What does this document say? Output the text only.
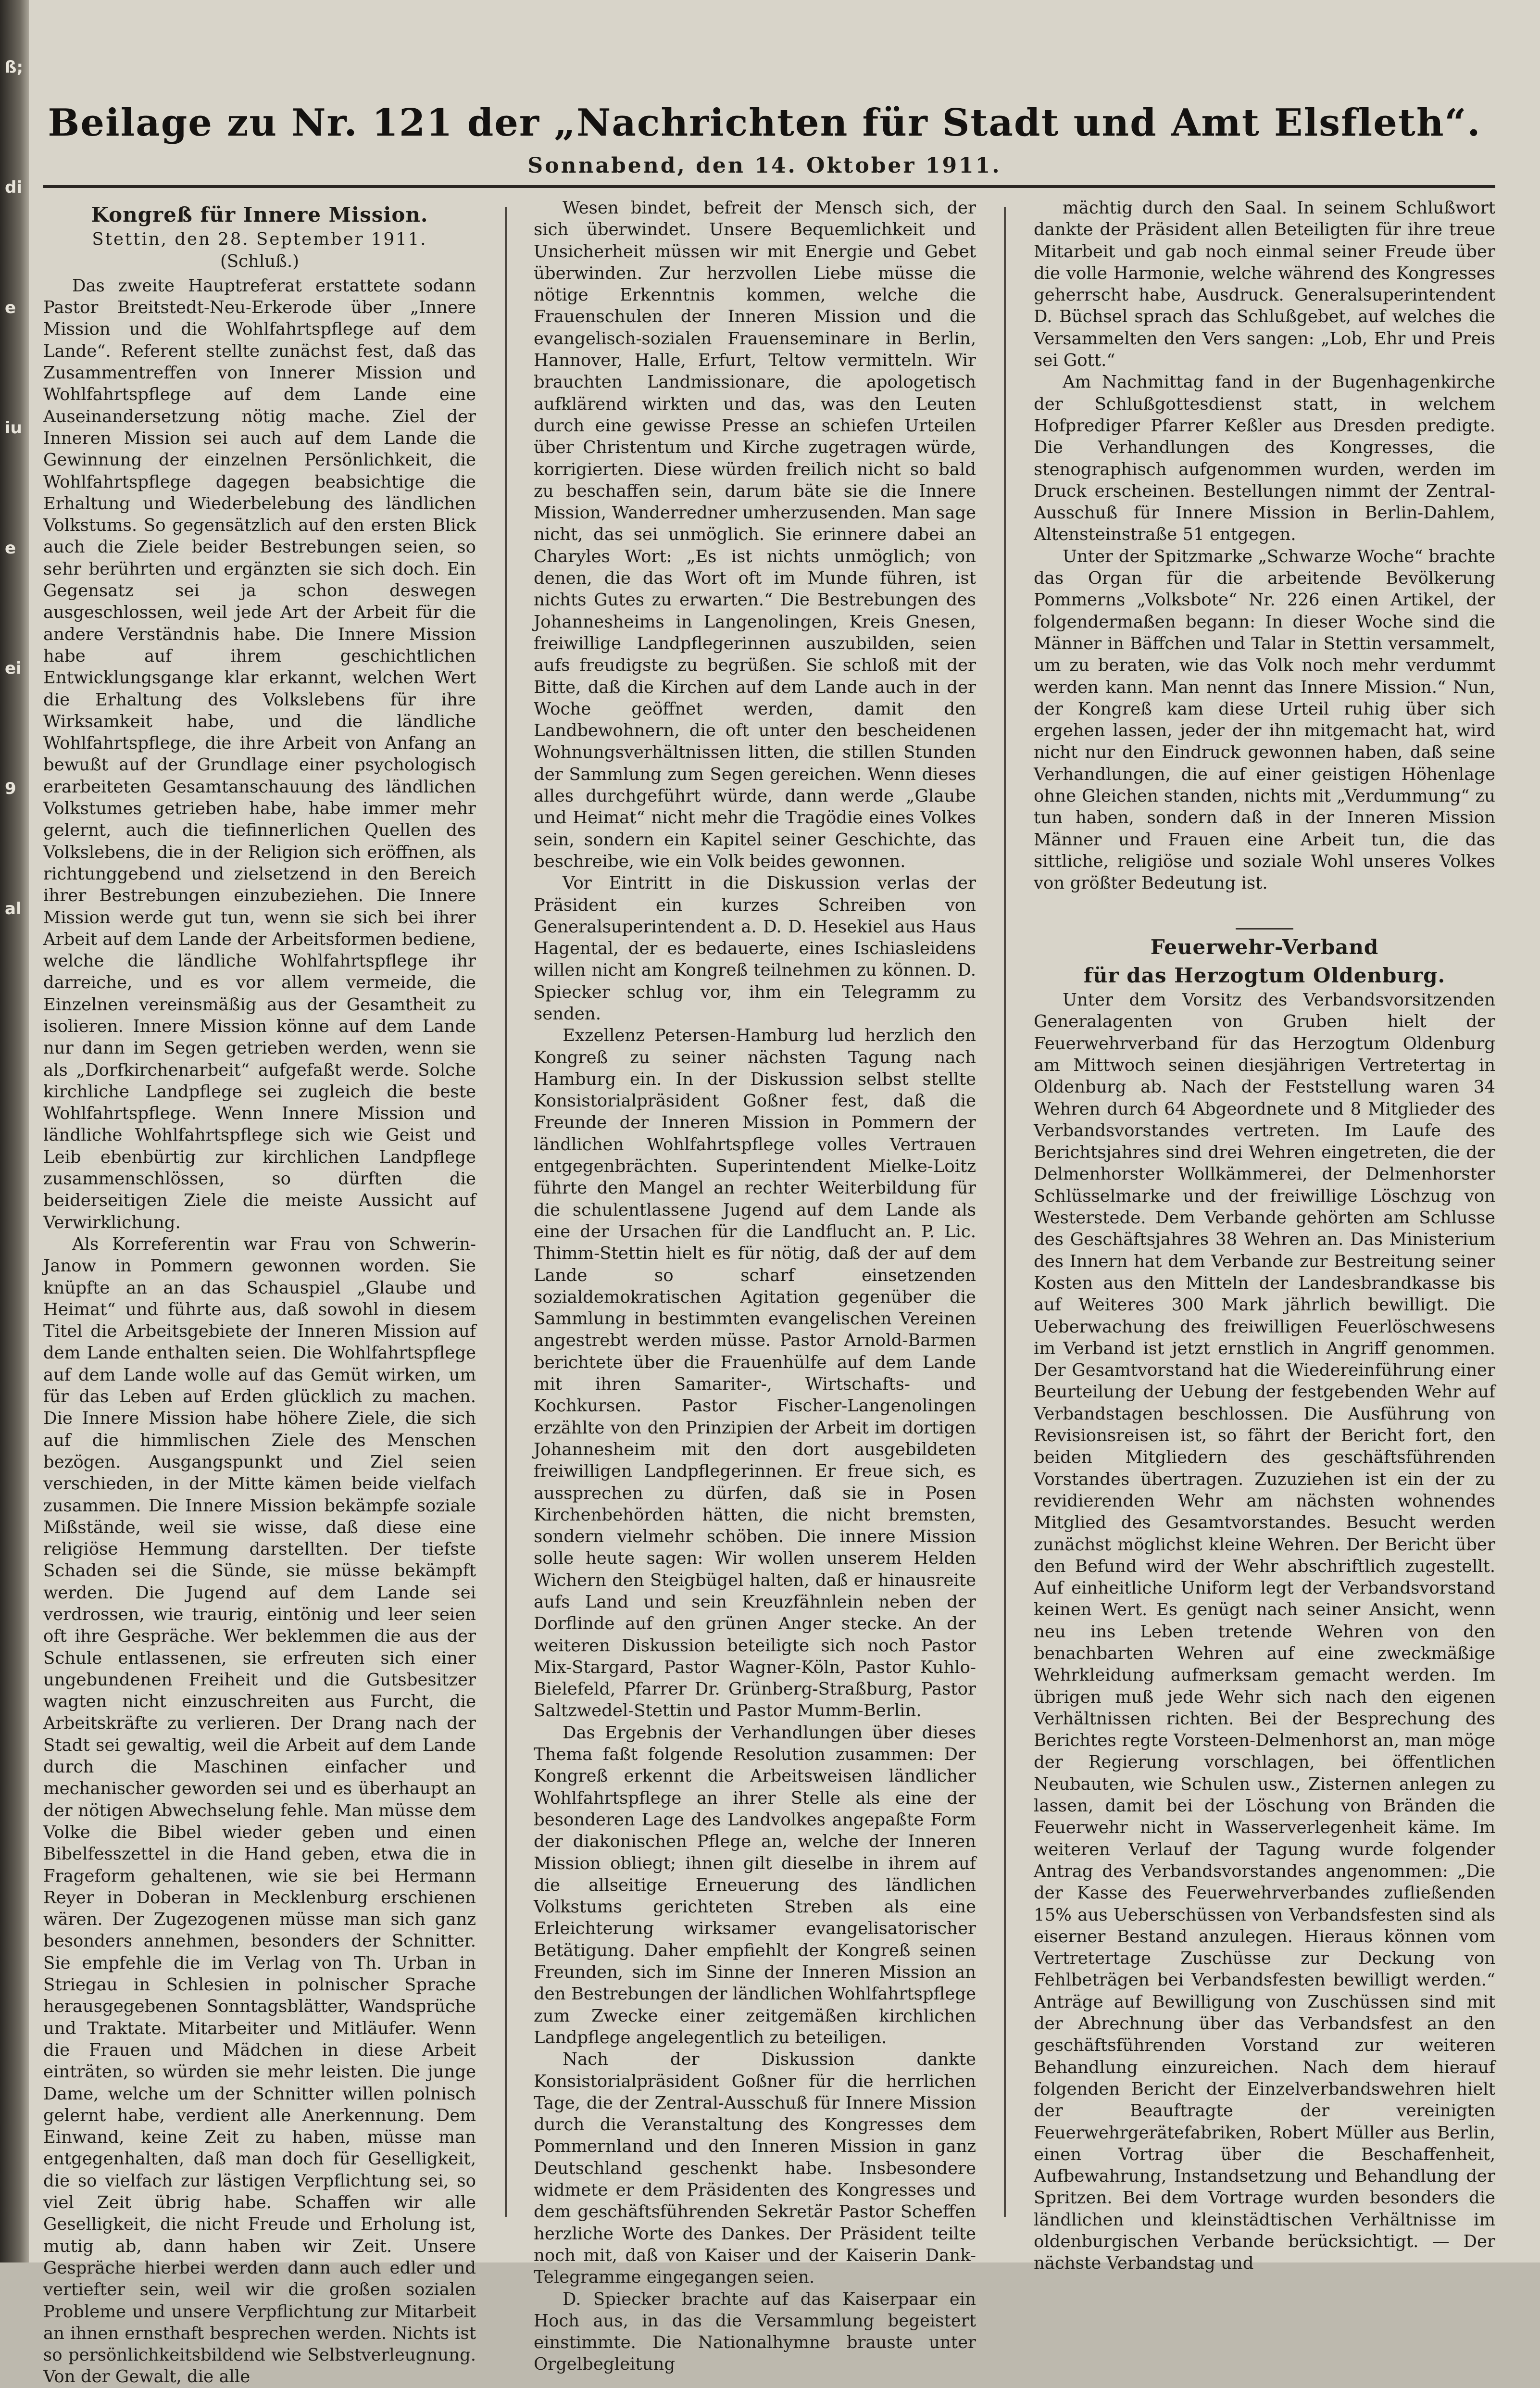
ß;
di
e
iu
e
ei
9
al
Beilage zu Nr. 121 der „Nachrichten für Stadt und Amt Elsfleth“.
Sonnabend, den 14. Oktober 1911.
Kongreß für Innere Mission.
Stettin, den 28. September 1911.
(Schluß.)

Das zweite Hauptreferat erstattete sodann Pastor Breitstedt-Neu-Erkerode über „Innere Mission und die Wohlfahrtspflege auf dem Lande“. Referent stellte zunächst fest, daß das Zusammentreffen von Innerer Mission und Wohlfahrtspflege auf dem Lande eine Auseinandersetzung nötig mache. Ziel der Inneren Mission sei auch auf dem Lande die Gewinnung der einzelnen Persönlichkeit, die Wohlfahrtspflege dagegen beabsichtige die Erhaltung und Wiederbelebung des ländlichen Volkstums. So gegensätzlich auf den ersten Blick auch die Ziele beider Bestrebungen seien, so sehr berührten und ergänzten sie sich doch. Ein Gegensatz sei ja schon deswegen ausgeschlossen, weil jede Art der Arbeit für die andere Verständnis habe. Die Innere Mission habe auf ihrem geschichtlichen Entwicklungsgange klar erkannt, welchen Wert die Erhaltung des Volkslebens für ihre Wirksamkeit habe, und die ländliche Wohlfahrtspflege, die ihre Arbeit von Anfang an bewußt auf der Grundlage einer psychologisch erarbeiteten Gesamtanschauung des ländlichen Volkstumes getrieben habe, habe immer mehr gelernt, auch die tiefinnerlichen Quellen des Volkslebens, die in der Religion sich eröffnen, als richtunggebend und zielsetzend in den Bereich ihrer Bestrebungen einzubeziehen. Die Innere Mission werde gut tun, wenn sie sich bei ihrer Arbeit auf dem Lande der Arbeitsformen bediene, welche die ländliche Wohlfahrtspflege ihr darreiche, und es vor allem vermeide, die Einzelnen vereinsmäßig aus der Gesamtheit zu isolieren. Innere Mission könne auf dem Lande nur dann im Segen getrieben werden, wenn sie als „Dorfkirchenarbeit“ aufgefaßt werde. Solche kirchliche Landpflege sei zugleich die beste Wohlfahrtspflege. Wenn Innere Mission und ländliche Wohlfahrtspflege sich wie Geist und Leib ebenbürtig zur kirchlichen Landpflege zusammenschlössen, so dürften die beiderseitigen Ziele die meiste Aussicht auf Verwirklichung.

Als Korreferentin war Frau von Schwerin-Janow in Pommern gewonnen worden. Sie knüpfte an an das Schauspiel „Glaube und Heimat“ und führte aus, daß sowohl in diesem Titel die Arbeitsgebiete der Inneren Mission auf dem Lande enthalten seien. Die Wohlfahrtspflege auf dem Lande wolle auf das Gemüt wirken, um für das Leben auf Erden glücklich zu machen. Die Innere Mission habe höhere Ziele, die sich auf die himmlischen Ziele des Menschen bezögen. Ausgangspunkt und Ziel seien verschieden, in der Mitte kämen beide vielfach zusammen. Die Innere Mission bekämpfe soziale Mißstände, weil sie wisse, daß diese eine religiöse Hemmung darstellten. Der tiefste Schaden sei die Sünde, sie müsse bekämpft werden. Die Jugend auf dem Lande sei verdrossen, wie traurig, eintönig und leer seien oft ihre Gespräche. Wer beklemmen die aus der Schule entlassenen, sie erfreuten sich einer ungebundenen Freiheit und die Gutsbesitzer wagten nicht einzuschreiten aus Furcht, die Arbeitskräfte zu verlieren. Der Drang nach der Stadt sei gewaltig, weil die Arbeit auf dem Lande durch die Maschinen einfacher und mechanischer geworden sei und es überhaupt an der nötigen Abwechselung fehle. Man müsse dem Volke die Bibel wieder geben und einen Bibelfesszettel in die Hand geben, etwa die in Frageform gehaltenen, wie sie bei Hermann Reyer in Doberan in Mecklenburg erschienen wären. Der Zugezogenen müsse man sich ganz besonders annehmen, besonders der Schnitter. Sie empfehle die im Verlag von Th. Urban in Striegau in Schlesien in polnischer Sprache herausgegebenen Sonntagsblätter, Wandsprüche und Traktate. Mitarbeiter und Mitläufer. Wenn die Frauen und Mädchen in diese Arbeit einträten, so würden sie mehr leisten. Die junge Dame, welche um der Schnitter willen polnisch gelernt habe, verdient alle Anerkennung. Dem Einwand, keine Zeit zu haben, müsse man entgegenhalten, daß man doch für Geselligkeit, die so vielfach zur lästigen Verpflichtung sei, so viel Zeit übrig habe. Schaffen wir alle Geselligkeit, die nicht Freude und Erholung ist, mutig ab, dann haben wir Zeit. Unsere Gespräche hierbei werden dann auch edler und vertiefter sein, weil wir die großen sozialen Probleme und unsere Verpflichtung zur Mitarbeit an ihnen ernsthaft besprechen werden. Nichts ist so persönlichkeitsbildend wie Selbstverleugnung. Von der Gewalt, die alle

Wesen bindet, befreit der Mensch sich, der sich überwindet. Unsere Bequemlichkeit und Unsicherheit müssen wir mit Energie und Gebet überwinden. Zur herzvollen Liebe müsse die nötige Erkenntnis kommen, welche die Frauenschulen der Inneren Mission und die evangelisch-sozialen Frauenseminare in Berlin, Hannover, Halle, Erfurt, Teltow vermitteln. Wir brauchten Landmissionare, die apologetisch aufklärend wirkten und das, was den Leuten durch eine gewisse Presse an schiefen Urteilen über Christentum und Kirche zugetragen würde, korrigierten. Diese würden freilich nicht so bald zu beschaffen sein, darum bäte sie die Innere Mission, Wanderredner umherzusenden. Man sage nicht, das sei unmöglich. Sie erinnere dabei an Charyles Wort: „Es ist nichts unmöglich; von denen, die das Wort oft im Munde führen, ist nichts Gutes zu erwarten.“ Die Bestrebungen des Johannesheims in Langenolingen, Kreis Gnesen, freiwillige Landpflegerinnen auszubilden, seien aufs freudigste zu begrüßen. Sie schloß mit der Bitte, daß die Kirchen auf dem Lande auch in der Woche geöffnet werden, damit den Landbewohnern, die oft unter den bescheidenen Wohnungsverhältnissen litten, die stillen Stunden der Sammlung zum Segen gereichen. Wenn dieses alles durchgeführt würde, dann werde „Glaube und Heimat“ nicht mehr die Tragödie eines Volkes sein, sondern ein Kapitel seiner Geschichte, das beschreibe, wie ein Volk beides gewonnen.

Vor Eintritt in die Diskussion verlas der Präsident ein kurzes Schreiben von Generalsuperintendent a. D. D. Hesekiel aus Haus Hagental, der es bedauerte, eines Ischiasleidens willen nicht am Kongreß teilnehmen zu können. D. Spiecker schlug vor, ihm ein Telegramm zu senden.

Exzellenz Petersen-Hamburg lud herzlich den Kongreß zu seiner nächsten Tagung nach Hamburg ein. In der Diskussion selbst stellte Konsistorialpräsident Goßner fest, daß die Freunde der Inneren Mission in Pommern der ländlichen Wohlfahrtspflege volles Vertrauen entgegenbrächten. Superintendent Mielke-Loitz führte den Mangel an rechter Weiterbildung für die schulentlassene Jugend auf dem Lande als eine der Ursachen für die Landflucht an. P. Lic. Thimm-Stettin hielt es für nötig, daß der auf dem Lande so scharf einsetzenden sozialdemokratischen Agitation gegenüber die Sammlung in bestimmten evangelischen Vereinen angestrebt werden müsse. Pastor Arnold-Barmen berichtete über die Frauenhülfe auf dem Lande mit ihren Samariter-, Wirtschafts- und Kochkursen. Pastor Fischer-Langenolingen erzählte von den Prinzipien der Arbeit im dortigen Johannesheim mit den dort ausgebildeten freiwilligen Landpflegerinnen. Er freue sich, es aussprechen zu dürfen, daß sie in Posen Kirchenbehörden hätten, die nicht bremsten, sondern vielmehr schöben. Die innere Mission solle heute sagen: Wir wollen unserem Helden Wichern den Steigbügel halten, daß er hinausreite aufs Land und sein Kreuzfähnlein neben der Dorflinde auf den grünen Anger stecke. An der weiteren Diskussion beteiligte sich noch Pastor Mix-Stargard, Pastor Wagner-Köln, Pastor Kuhlo-Bielefeld, Pfarrer Dr. Grünberg-Straßburg, Pastor Saltzwedel-Stettin und Pastor Mumm-Berlin.

Das Ergebnis der Verhandlungen über dieses Thema faßt folgende Resolution zusammen: Der Kongreß erkennt die Arbeitsweisen ländlicher Wohlfahrtspflege an ihrer Stelle als eine der besonderen Lage des Landvolkes angepaßte Form der diakonischen Pflege an, welche der Inneren Mission obliegt; ihnen gilt dieselbe in ihrem auf die allseitige Erneuerung des ländlichen Volkstums gerichteten Streben als eine Erleichterung wirksamer evangelisatorischer Betätigung. Daher empfiehlt der Kongreß seinen Freunden, sich im Sinne der Inneren Mission an den Bestrebungen der ländlichen Wohlfahrtspflege zum Zwecke einer zeitgemäßen kirchlichen Landpflege angelegentlich zu beteiligen.

Nach der Diskussion dankte Konsistorialpräsident Goßner für die herrlichen Tage, die der Zentral-Ausschuß für Innere Mission durch die Veranstaltung des Kongresses dem Pommernland und den Inneren Mission in ganz Deutschland geschenkt habe. Insbesondere widmete er dem Präsidenten des Kongresses und dem geschäftsführenden Sekretär Pastor Scheffen herzliche Worte des Dankes. Der Präsident teilte noch mit, daß von Kaiser und der Kaiserin Dank-Telegramme eingegangen seien.

D. Spiecker brachte auf das Kaiserpaar ein Hoch aus, in das die Versammlung begeistert einstimmte. Die Nationalhymne brauste unter Orgelbegleitung

mächtig durch den Saal. In seinem Schlußwort dankte der Präsident allen Beteiligten für ihre treue Mitarbeit und gab noch einmal seiner Freude über die volle Harmonie, welche während des Kongresses geherrscht habe, Ausdruck. Generalsuperintendent D. Büchsel sprach das Schlußgebet, auf welches die Versammelten den Vers sangen: „Lob, Ehr und Preis sei Gott.“

Am Nachmittag fand in der Bugenhagenkirche der Schlußgottesdienst statt, in welchem Hofprediger Pfarrer Keßler aus Dresden predigte. Die Verhandlungen des Kongresses, die stenographisch aufgenommen wurden, werden im Druck erscheinen. Bestellungen nimmt der Zentral-Ausschuß für Innere Mission in Berlin-Dahlem, Altensteinstraße 51 entgegen.

Unter der Spitzmarke „Schwarze Woche“ brachte das Organ für die arbeitende Bevölkerung Pommerns „Volksbote“ Nr. 226 einen Artikel, der folgendermaßen begann: In dieser Woche sind die Männer in Bäffchen und Talar in Stettin versammelt, um zu beraten, wie das Volk noch mehr verdummt werden kann. Man nennt das Innere Mission.“ Nun, der Kongreß kam diese Urteil ruhig über sich ergehen lassen, jeder der ihn mitgemacht hat, wird nicht nur den Eindruck gewonnen haben, daß seine Verhandlungen, die auf einer geistigen Höhenlage ohne Gleichen standen, nichts mit „Verdummung“ zu tun haben, sondern daß in der Inneren Mission Männer und Frauen eine Arbeit tun, die das sittliche, religiöse und soziale Wohl unseres Volkes von größter Bedeutung ist.

Feuerwehr-Verband
für das Herzogtum Oldenburg.

Unter dem Vorsitz des Verbandsvorsitzenden Generalagenten von Gruben hielt der Feuerwehrverband für das Herzogtum Oldenburg am Mittwoch seinen diesjährigen Vertretertag in Oldenburg ab. Nach der Feststellung waren 34 Wehren durch 64 Abgeordnete und 8 Mitglieder des Verbandsvorstandes vertreten. Im Laufe des Berichtsjahres sind drei Wehren eingetreten, die der Delmenhorster Wollkämmerei, der Delmenhorster Schlüsselmarke und der freiwillige Löschzug von Westerstede. Dem Verbande gehörten am Schlusse des Geschäftsjahres 38 Wehren an. Das Ministerium des Innern hat dem Verbande zur Bestreitung seiner Kosten aus den Mitteln der Landesbrandkasse bis auf Weiteres 300 Mark jährlich bewilligt. Die Ueberwachung des freiwilligen Feuerlöschwesens im Verband ist jetzt ernstlich in Angriff genommen. Der Gesamtvorstand hat die Wiedereinführung einer Beurteilung der Uebung der festgebenden Wehr auf Verbandstagen beschlossen. Die Ausführung von Revisionsreisen ist, so fährt der Bericht fort, den beiden Mitgliedern des geschäftsführenden Vorstandes übertragen. Zuzuziehen ist ein der zu revidierenden Wehr am nächsten wohnendes Mitglied des Gesamtvorstandes. Besucht werden zunächst möglichst kleine Wehren. Der Bericht über den Befund wird der Wehr abschriftlich zugestellt. Auf einheitliche Uniform legt der Verbandsvorstand keinen Wert. Es genügt nach seiner Ansicht, wenn neu ins Leben tretende Wehren von den benachbarten Wehren auf eine zweckmäßige Wehrkleidung aufmerksam gemacht werden. Im übrigen muß jede Wehr sich nach den eigenen Verhältnissen richten. Bei der Besprechung des Berichtes regte Vorsteen-Delmenhorst an, man möge der Regierung vorschlagen, bei öffentlichen Neubauten, wie Schulen usw., Zisternen anlegen zu lassen, damit bei der Löschung von Bränden die Feuerwehr nicht in Wasserverlegenheit käme. Im weiteren Verlauf der Tagung wurde folgender Antrag des Verbandsvorstandes angenommen: „Die der Kasse des Feuerwehrverbandes zufließenden 15% aus Ueberschüssen von Verbandsfesten sind als eiserner Bestand anzulegen. Hieraus können vom Vertretertage Zuschüsse zur Deckung von Fehlbeträgen bei Verbandsfesten bewilligt werden.“ Anträge auf Bewilligung von Zuschüssen sind mit der Abrechnung über das Verbandsfest an den geschäftsführenden Vorstand zur weiteren Behandlung einzureichen. Nach dem hierauf folgenden Bericht der Einzelverbandswehren hielt der Beauftragte der vereinigten Feuerwehrgerätefabriken, Robert Müller aus Berlin, einen Vortrag über die Beschaffenheit, Aufbewahrung, Instandsetzung und Behandlung der Spritzen. Bei dem Vortrage wurden besonders die ländlichen und kleinstädtischen Verhältnisse im oldenburgischen Verbande berücksichtigt. — Der nächste Verbandstag und
